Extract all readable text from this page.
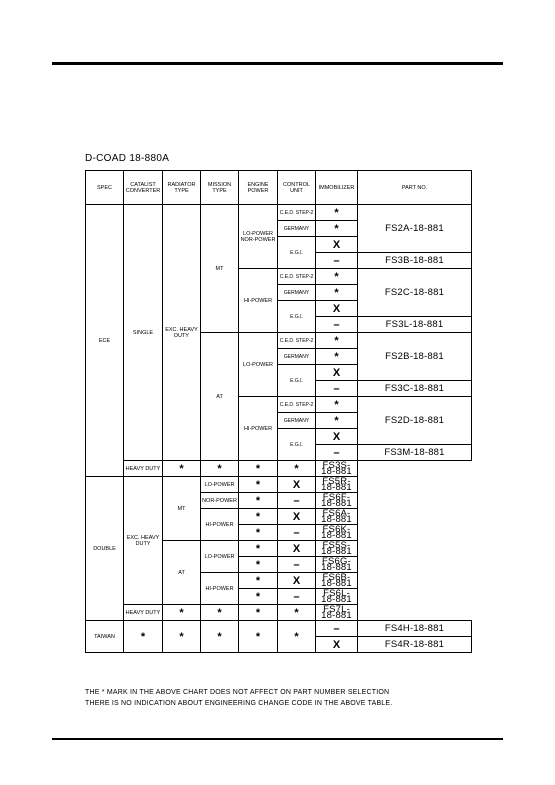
D-COAD 18-880A
SPEC	CATALIST CONVERTER	RADIATOR TYPE	MISSION TYPE	ENGINE POWER	CONTROL UNIT	IMMOBILIZER	PART NO.
ECE	SINGLE	EXC. HEAVY DUTY	MT	LO-POWER NOR-POWER	C.E.D. STEP-2	*	FS2A-18-881
					GERMANY	*	
					E.G.I.	X	
						–	FS3B-18-881
				HI-POWER	C.E.D. STEP-2	*	FS2C-18-881
					GERMANY	*	
					E.G.I.	X	
						–	FS3L-18-881
			AT	LO-POWER	C.E.D. STEP-2	*	FS2B-18-881
					GERMANY	*	
					E.G.I.	X	
						–	FS3C-18-881
				HI-POWER	C.E.D. STEP-2	*	FS2D-18-881
					GERMANY	*	
					E.G.I.	X	
						–	FS3M-18-881
	HEAVY DUTY	*	*	*	*	FS3S-18-881	
DOUBLE	EXC. HEAVY DUTY	MT	LO-POWER	*	X	FS5R-18-881	
			NOR-POWER	*	–	FS6F-18-881	
			HI-POWER	*	X	FS6A-18-881	
				*	–	FS6K-18-881	
		AT	LO-POWER	*	X	FS5S-18-881	
				*	–	FS6G-18-881	
			HI-POWER	*	X	FS6B-18-881	
				*	–	FS6L-18-881	
	HEAVY DUTY	*	*	*	*	FS7L-18-881	
TAIWAN	*	*	*	*	*	–	FS4H-18-881
						X	FS4R-18-881
THE * MARK IN THE ABOVE CHART DOES NOT AFFECT ON PART NUMBER SELECTION
THERE IS NO INDICATION ABOUT ENGINEERING CHANGE CODE IN THE ABOVE TABLE.
